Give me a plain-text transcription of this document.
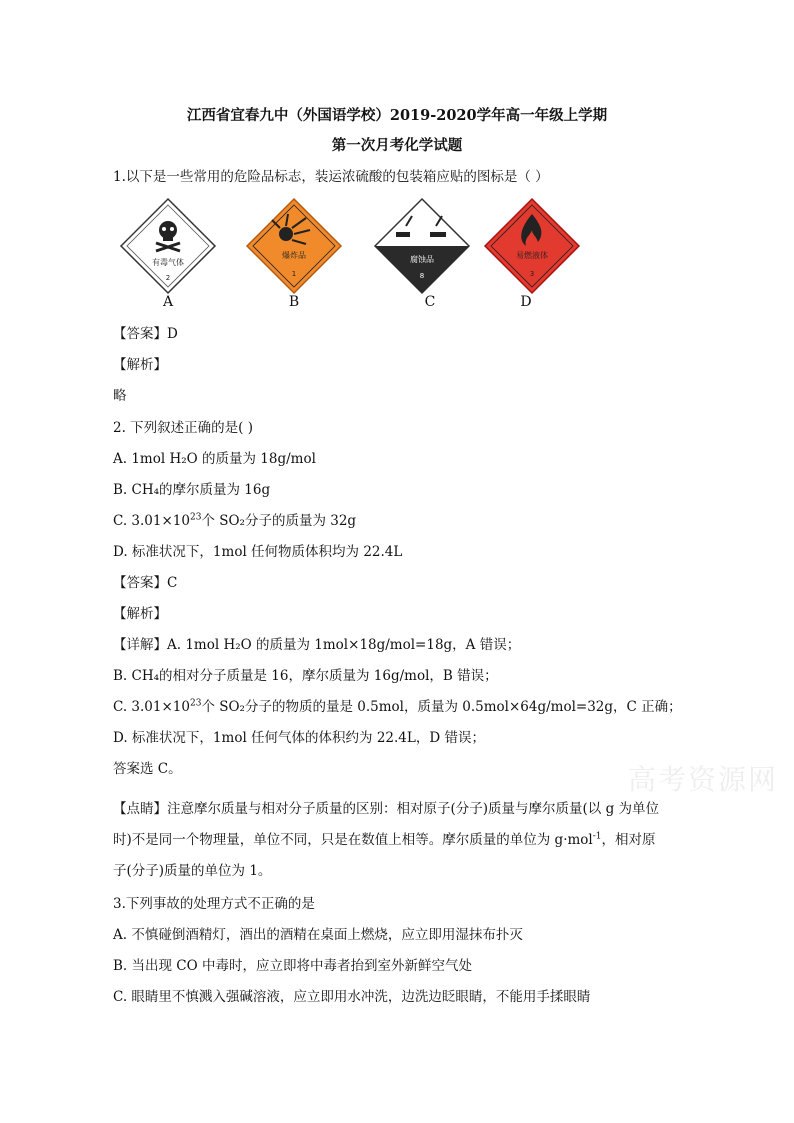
江西省宜春九中（外国语学校）2019-2020学年高一年级上学期
第一次月考化学试题
1.以下是一些常用的危险品标志，装运浓硫酸的包装箱应贴的图标是（ ）
有毒气体
2
爆炸品
1
腐蚀品
8
易燃液体
3
A	B	C	D
【答案】D
【解析】
略
2. 下列叙述正确的是( )
A. 1mol H₂O 的质量为 18g/mol
B. CH₄的摩尔质量为 16g
C. $3.01\times 10^{23}$个 SO₂分子的质量为 32g
D. 标准状况下，1mol 任何物质体积均为 22.4L
【答案】C
【解析】
【详解】A. 1mol H₂O 的质量为 1mol×18g/mol=18g，A 错误；
B. CH₄的相对分子质量是 16，摩尔质量为 16g/mol，B 错误；
C. $3.01\times 10^{23}$个 SO₂分子的物质的量是 0.5mol，质量为 0.5mol×64g/mol=32g，C 正确；
D. 标准状况下，1mol 任何气体的体积约为 22.4L，D 错误；
答案选 C。	高考资源网
【点睛】注意摩尔质量与相对分子质量的区别：相对原子(分子)质量与摩尔质量(以 g 为单位
时)不是同一个物理量，单位不同，只是在数值上相等。摩尔质量的单位为 g·mol$^{-1}$，相对原
子(分子)质量的单位为 1。
3.下列事故的处理方式不正确的是
A. 不慎碰倒酒精灯，酒出的酒精在桌面上燃烧，应立即用湿抹布扑灭
B. 当出现 CO 中毒时，应立即将中毒者抬到室外新鲜空气处
C. 眼睛里不慎溅入强碱溶液，应立即用水冲洗，边洗边眨眼睛，不能用手揉眼睛
